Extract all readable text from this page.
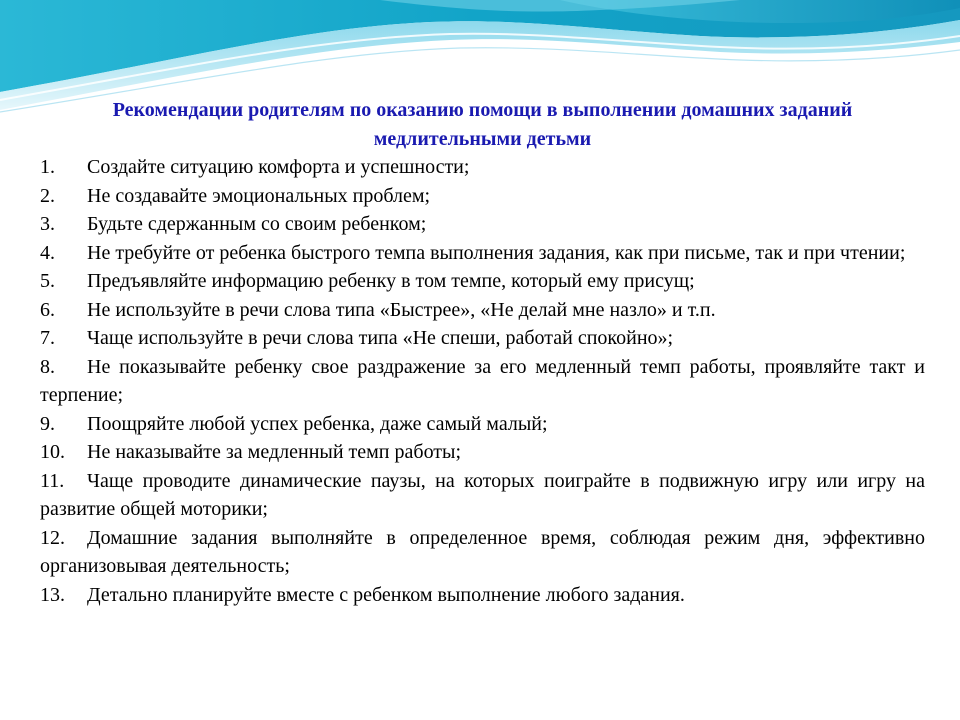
Рекомендации родителям по оказанию помощи в выполнении домашних заданий медлительными детьми
1. Создайте ситуацию комфорта и успешности;
2. Не создавайте эмоциональных проблем;
3. Будьте сдержанным со своим ребенком;
4. Не требуйте от ребенка быстрого темпа выполнения задания, как при письме, так и при чтении;
5. Предъявляйте информацию ребенку в том темпе, который ему присущ;
6. Не используйте в речи слова типа «Быстрее», «Не делай мне назло» и т.п.
7. Чаще используйте в речи слова типа «Не спеши, работай спокойно»;
8. Не показывайте ребенку свое раздражение за его медленный темп работы, проявляйте такт и терпение;
9. Поощряйте любой успех ребенка, даже самый малый;
10. Не наказывайте за медленный темп работы;
11. Чаще проводите динамические паузы, на которых поиграйте в подвижную игру или игру на развитие общей моторики;
12. Домашние задания выполняйте в определенное время, соблюдая режим дня, эффективно организовывая деятельность;
13. Детально планируйте вместе с ребенком выполнение любого задания.
